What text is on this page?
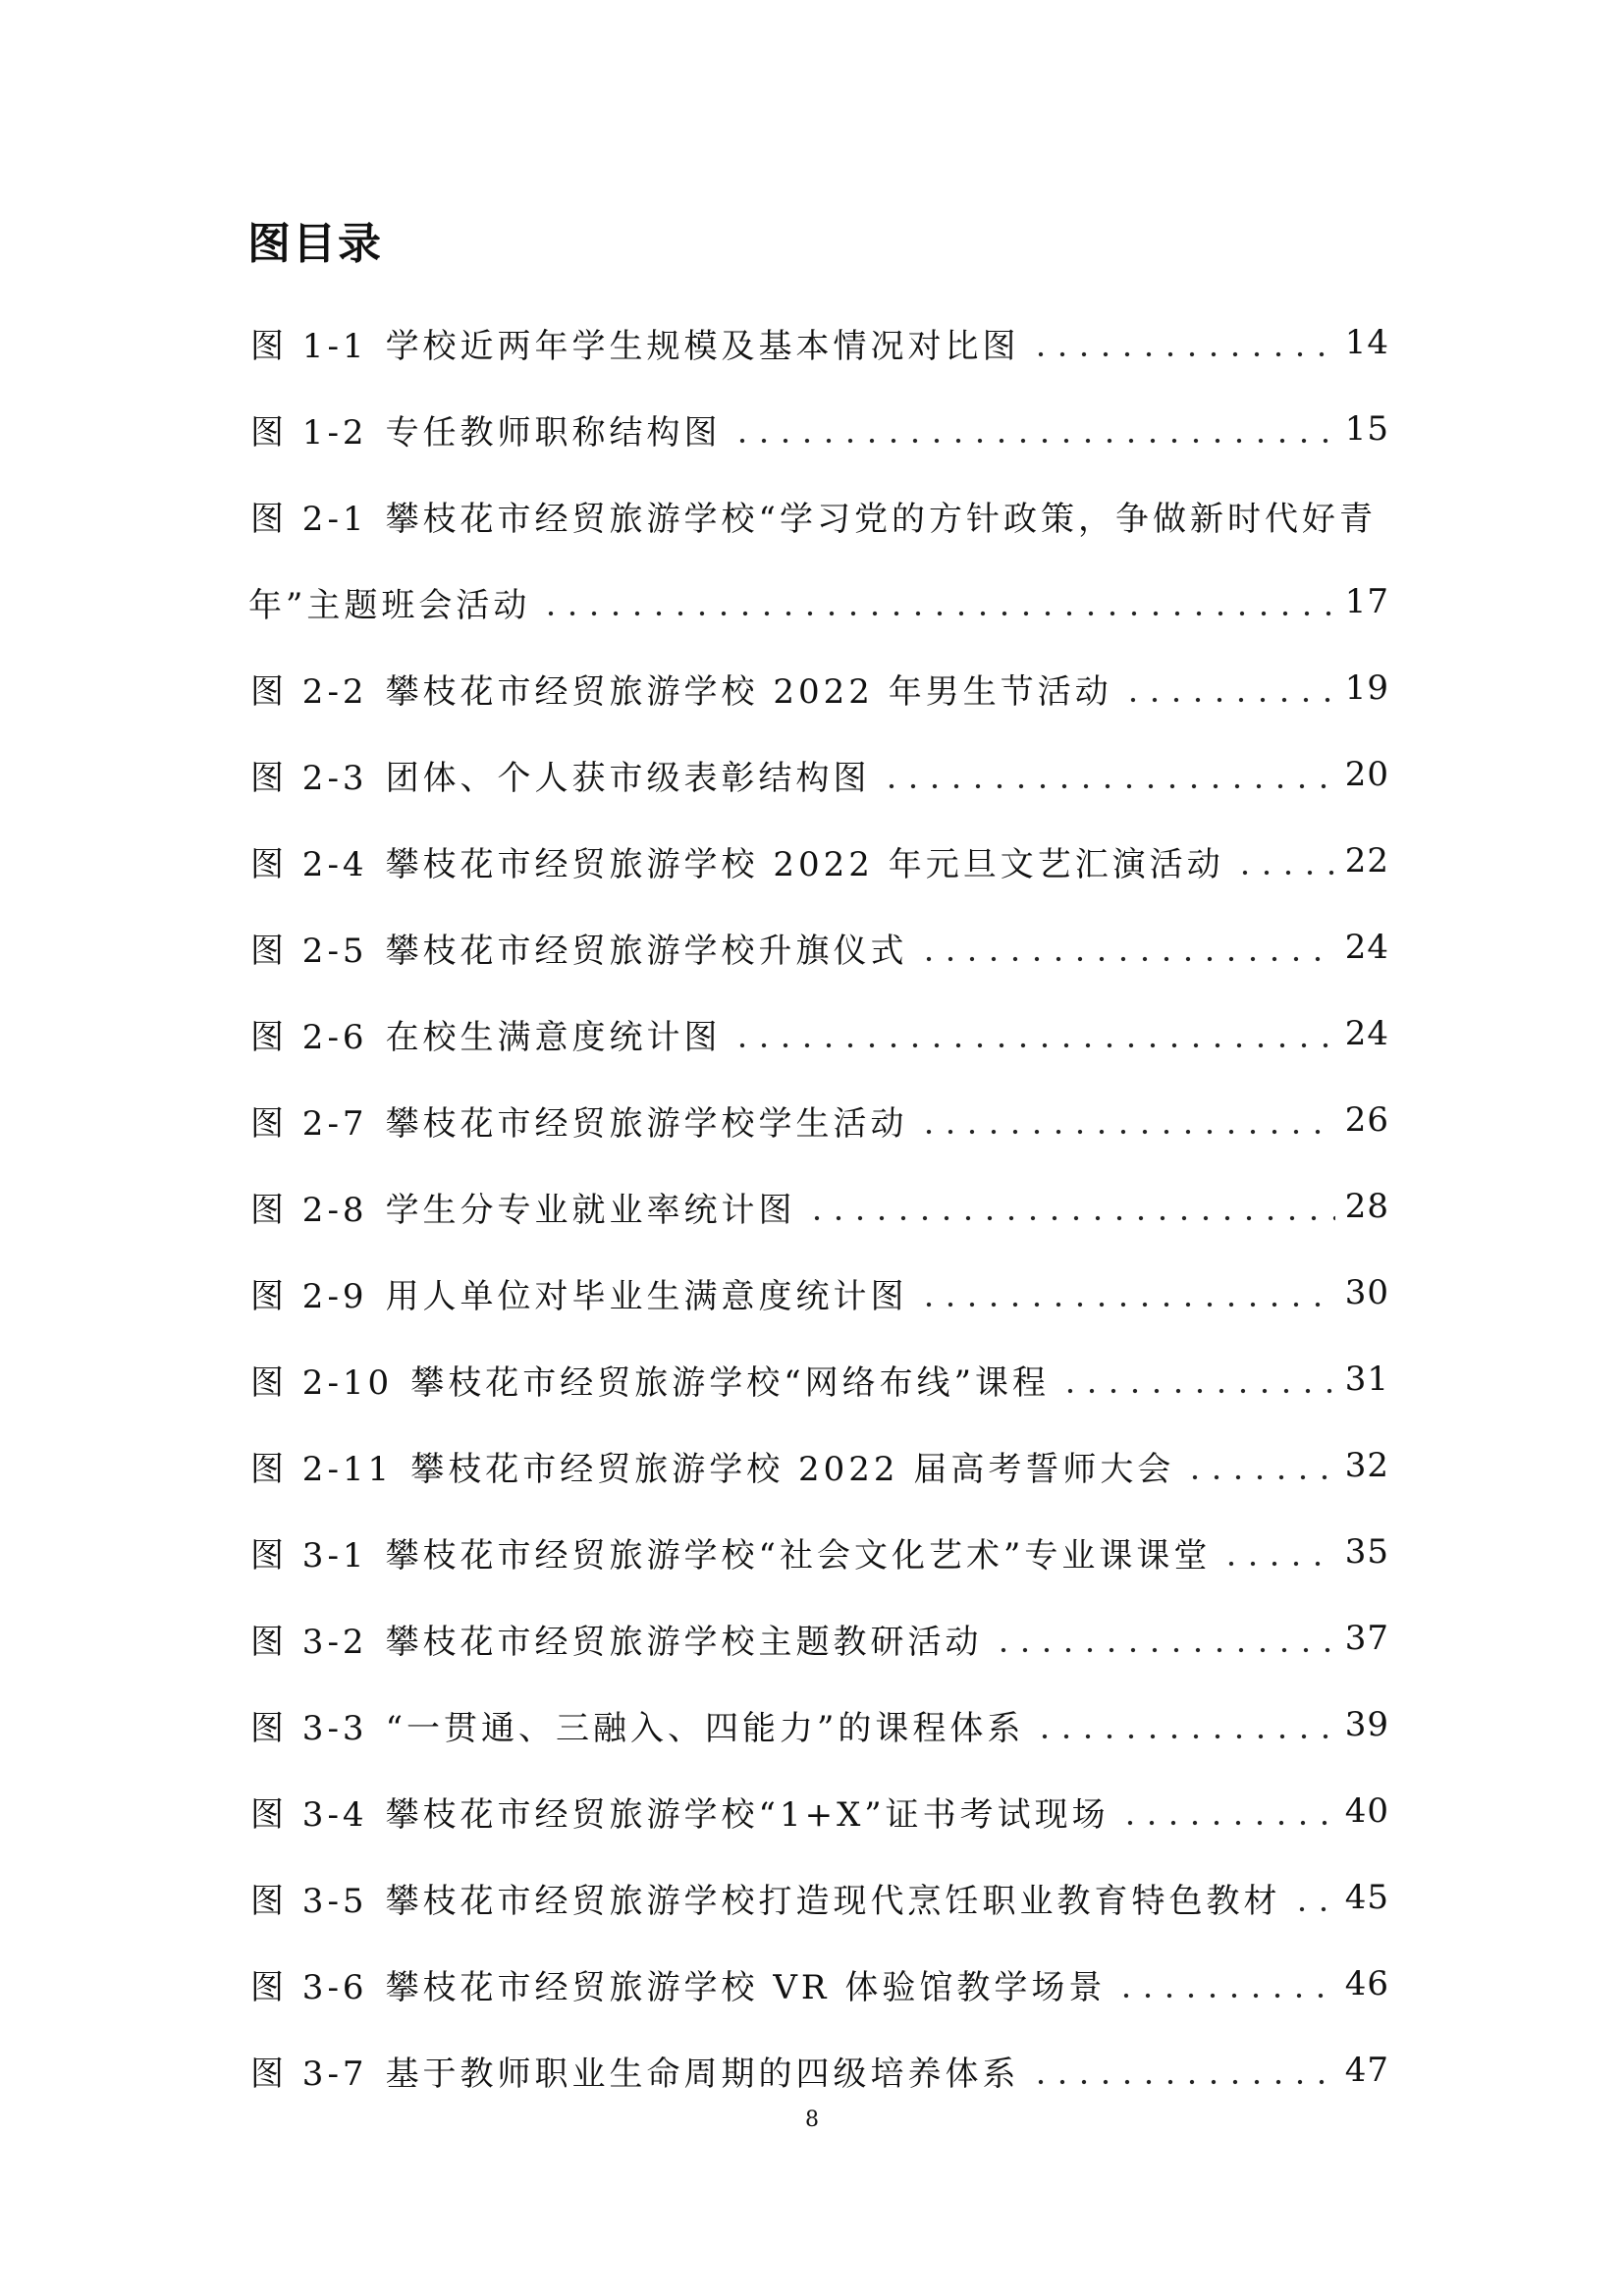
图目录
图 1-1 学校近两年学生规模及基本情况对比图	14
图 1-2 专任教师职称结构图	15
图 2-1 攀枝花市经贸旅游学校“学习党的方针政策，争做新时代好青
年”主题班会活动	17
图 2-2 攀枝花市经贸旅游学校 2022 年男生节活动	19
图 2-3 团体、个人获市级表彰结构图	20
图 2-4 攀枝花市经贸旅游学校 2022 年元旦文艺汇演活动	22
图 2-5 攀枝花市经贸旅游学校升旗仪式	24
图 2-6 在校生满意度统计图	24
图 2-7 攀枝花市经贸旅游学校学生活动	26
图 2-8 学生分专业就业率统计图	28
图 2-9 用人单位对毕业生满意度统计图	30
图 2-10 攀枝花市经贸旅游学校“网络布线”课程	31
图 2-11 攀枝花市经贸旅游学校 2022 届高考誓师大会	32
图 3-1 攀枝花市经贸旅游学校“社会文化艺术”专业课课堂	35
图 3-2 攀枝花市经贸旅游学校主题教研活动	37
图 3-3 “一贯通、三融入、四能力”的课程体系	39
图 3-4 攀枝花市经贸旅游学校“1+X”证书考试现场	40
图 3-5 攀枝花市经贸旅游学校打造现代烹饪职业教育特色教材 45
图 3-6 攀枝花市经贸旅游学校 VR 体验馆教学场景	46
图 3-7 基于教师职业生命周期的四级培养体系	47
8
